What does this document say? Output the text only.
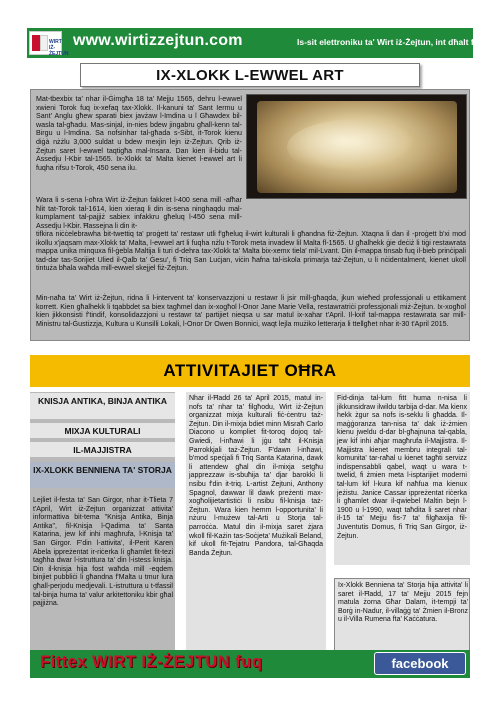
WIRT IŻ-ŻEJTUN
www.wirtizzejtun.com	Is-sit elettroniku ta' Wirt iż-Żejtun, int dħalt fih?
IX-XLOKK L-EWWEL ART
Mat-tbexbix ta' nhar il-Ġimgħa 18 ta' Mejju 1565, dehru l-ewwel xwieni Torok fuq ix-xefaq tax-Xlokk. Il-kanuni ta' Sant Iermu u Sant' Anglu għew sparati biex javżaw l-Imdina u l Għawdex bil-wasla tal-għadu. Mas-sinjal, in-nies bdew jingabru għall-kenn tal-Birgu u l-Imdina. Sa nofsinhar tal-għada s-Sibt, it-Torok kienu diġà nżżlu 3,000 suldat u bdew mexjin lejn iż-Żejtun. Qrib iż-Żejtun saret l-ewwel taqtigħa mal-Insara. Dan kien il-bidu tal-Assedju l-Kbir tal-1565. Ix-Xlokk ta' Malta kienet l-ewwel art li fuqha rifsu t-Torok, 450 sena ilu.
Wara li s-sena l-oħra Wirt iż-Żejtun fakkret l-400 sena mill -afħar ħlit tat-Torok tal-1614, kien xieraq li din is-sena ninghaqdu mal-kumplament tal-pajjiż sabiex infakkru għeluq l-450 sena mill-Assedju l-Kbir. Ħassejna li din it-
tifkira niċċelebrawha bit-twettiq ta' proġett ta' restawr utli f'għeluq il-wirt kulturali li għandna fiż-Żejtun. Xtaqna li dan il -proġett b'xi mod ikollu x'jaqsam max-Xlokk ta' Malta, l-ewwel art li fuqha nżlu t-Torok meta invadew lil Malta fl-1565. U għalhekk ġie deċiż li tiġi restawrata mappa unika minquxa fil-ġebla Maltija li turi d-dehra tax-Xlokk ta' Malta bix-xemx tiela' mil-Lvant. Din il-mappa tinsab fuq il-bieb prinċipali tad-dar tas-Sorijiet Ulied il-Qalb ta' Ġesu', fi Triq San Luċjan, viċin ħafna tal-iskola primarja taż-Żejtun, u li nċidentalment, kienet ukoll tintuża bħala waħda mill-ewwel skejjel fiż-Żejtun.
Min-naħa ta' Wirt iż-Żejtun, ridna li l-intervent ta' konservazzjoni u restawr li jsir mill-għaqda, jkun wieħed professjonali u ettikament korrett. Kien għalhekk li tqabbdet sa biex tagħmel dan ix-xogħol l-Onor Jane Marie Vella, restawratriċi professjonali miż-Żejtun. Ix-xogħol kien jikkonsisti f'tindif, konsolidazzjoni u restawr ta' partijiet nieqsa u sar matul ix-xahar t'April. Il-kxif tal-mappa restawrata sar mill-Ministru tal-Ġustizzja, Kultura u Kunsilli Lokali, l-Onor Dr Owen Bonnici, waqt lejla mużiko letterarja li ttellgħet nhar it-30 t'April 2015.
ATTIVITAJIET OĦRA
KNISJA ANTIKA, BINJA ANTIKA
MIXJA KULTURALI
IL-MAJJISTRA
IX-XLOKK BENNIENA TA' STORJA
Lejliet il-festa ta' San Girgor, nhar it-Tlieta 7 t'April, Wirt iż-Żejtun organizzat attivita' informattiva bit-tema "Knisja Antika, Binja Antika", fil-Knisja l-Qadima ta' Santa Katarina, jew kif inhi magħrufa, l-Knisja ta' San Girgor. F'din l-attivita', il-Perit Karen Abela ippreżentat ir-riċerka li għamlet fit-tezi tagħha dwar l-istruttura ta' din l-istess knisja. Din il-knisja hija fost waħda mill -eqdem binjiet pubbliċi li għandna f'Malta u tmur lura għall-perjodu medjevali. L-istruttura u t-tfassil tal-binja huma ta' valur arkitettoniku kbir għal pajjiżna.
Nhar il-Ħadd 26 ta' April 2015, matul in-nofs ta' nhar ta' filgħodu, Wirt iż-Żejtun organizzat mixja kulturali fiċ-ċentru taż-Żejtun. Din il-mixja bdiet minn Misraħ Carlo Diacono u kompliet fit-toroq dojoq tal-Gwiedi, l-inħawi li jġu taħt il-Knisja Parrokkjali taż-Żejtun. F'dawn l-inħawi, b'mod speċjali fi Triq Santa Katarina, dawk li attendew għal din il-mixja setgħu japprezzaw is-sbuħija ta' djar barokki li nsibu f'din it-triq. L-artist Żejtuni, Anthony Spagnol, dawwar lil dawk preżenti max-xogħolijietartistiċi li nsibu fil-knisja taż-Żejtun. Wara kien hemm l-opportunita' li nżuru l-mużew tal-Arti u Storja tal-parroċċa. Matul din il-mixja saret żjara wkoll fil-Każin tas-Soċjeta' Mużikali Beland, kif ukoll fit-Tejatru Pandora, tal-Għaqda Banda Żejtun.
Fid-dinja tal-lum fitt huma n-nisa li jikkunsidraw ilwildu tarbija d-dar. Ma kienx hekk żgur sa nofs is-seklu li għadda. Il-maġġoranza tan-nisa ta' dak iż-żmien kienu jweldu d-dar bl-għajnuna tal-qabla, jew kif inhi aħjar magħrufa il-Majjistra. Il-Majjistra kienet membru integrali tal-komunita' tar-raħal u kienet tagħti servizz indispensabbli qabel, waqt u wara t-twelid, fi żmien meta l-isptarijiet moderni tal-lum kif l-kura kif naħfua ma kienux jeżistu. Janice Cassar ippreżentat riċerka li għamlet dwar il-qwiebel Maltin bejn l-1900 u l-1990, waqt taħdita li saret nhar il-15 ta' Mejju fis-7 ta' filgħaxija fil-Juventutis Domus, fi Triq San Girgor, iż-Żejtun.
Ix-Xlokk Benniena ta' Storja hija attivita' li saret il-Ħadd, 17 ta' Mejju 2015 fejn matula żorna Għar Dalam, it-tempji ta' Borġ in-Nadur, il-villaġġ ta' Żmien il-Bronz u il-Villa Rumena fta' Kaċċatura.
Fittex WIRT IŻ-ŻEJTUN fuq	facebook
